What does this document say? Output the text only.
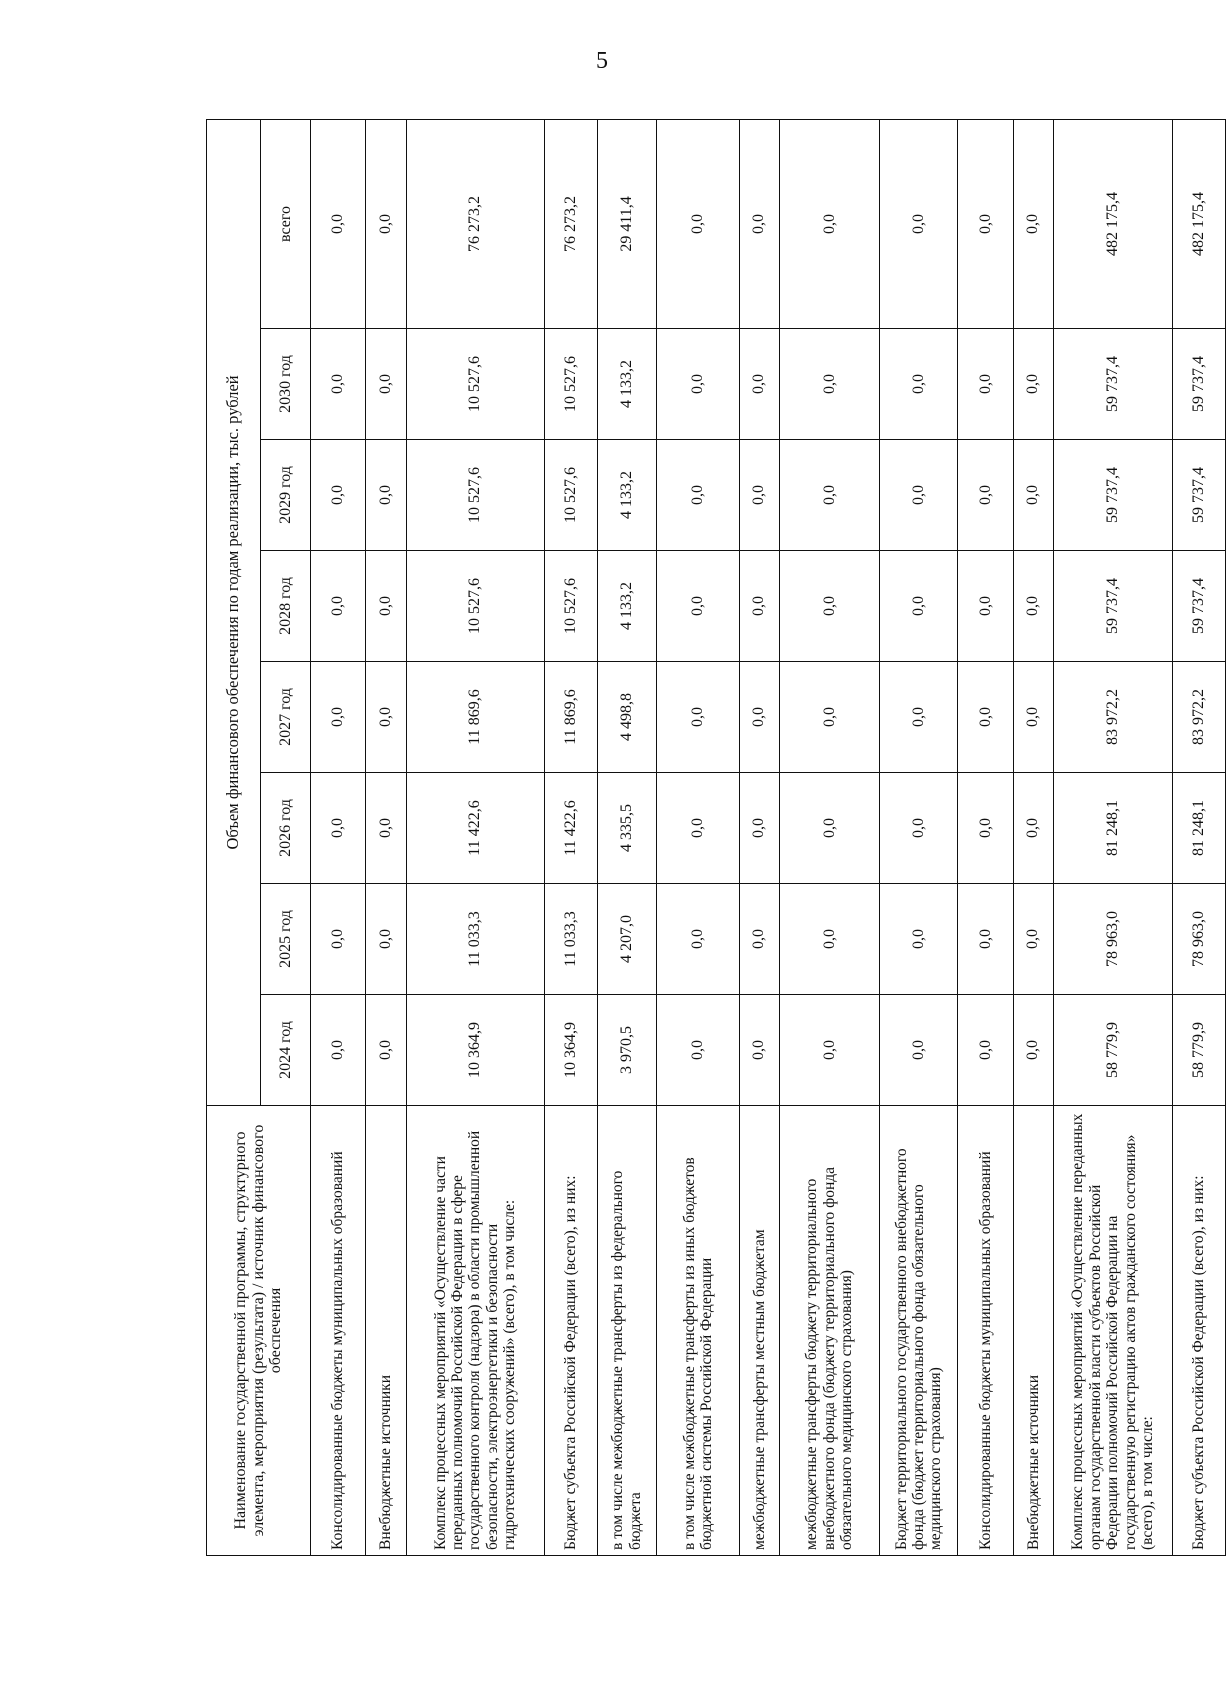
5
Наименование государственной программы, структурного элемента, мероприятия (результата) / источник финансового обеспечения	Объем финансового обеспечения по годам реализации, тыс. рублей							
	2024 год	2025 год	2026 год	2027 год	2028 год	2029 год	2030 год	всего
Консолидированные бюджеты муниципальных образований	0,0	0,0	0,0	0,0	0,0	0,0	0,0	0,0
Внебюджетные источники	0,0	0,0	0,0	0,0	0,0	0,0	0,0	0,0
Комплекс процессных мероприятий «Осуществление части переданных полномочий Российской Федерации в сфере государственного контроля (надзора) в области промышленной безопасности, электроэнергетики и безопасности гидротехнических сооружений» (всего), в том числе:	10 364,9	11 033,3	11 422,6	11 869,6	10 527,6	10 527,6	10 527,6	76 273,2
Бюджет субъекта Российской Федерации (всего), из них:	10 364,9	11 033,3	11 422,6	11 869,6	10 527,6	10 527,6	10 527,6	76 273,2
в том числе межбюджетные трансферты из федерального бюджета	3 970,5	4 207,0	4 335,5	4 498,8	4 133,2	4 133,2	4 133,2	29 411,4
в том числе межбюджетные трансферты из иных бюджетов бюджетной системы Российской Федерации	0,0	0,0	0,0	0,0	0,0	0,0	0,0	0,0
межбюджетные трансферты местным бюджетам	0,0	0,0	0,0	0,0	0,0	0,0	0,0	0,0
межбюджетные трансферты бюджету территориального внебюджетного фонда (бюджету территориального фонда обязательного медицинского страхования)	0,0	0,0	0,0	0,0	0,0	0,0	0,0	0,0
Бюджет территориального государственного внебюджетного фонда (бюджет территориального фонда обязательного медицинского страхования)	0,0	0,0	0,0	0,0	0,0	0,0	0,0	0,0
Консолидированные бюджеты муниципальных образований	0,0	0,0	0,0	0,0	0,0	0,0	0,0	0,0
Внебюджетные источники	0,0	0,0	0,0	0,0	0,0	0,0	0,0	0,0
Комплекс процессных мероприятий «Осуществление переданных органам государственной власти субъектов Российской Федерации полномочий Российской Федерации на государственную регистрацию актов гражданского состояния» (всего), в том числе:	58 779,9	78 963,0	81 248,1	83 972,2	59 737,4	59 737,4	59 737,4	482 175,4
Бюджет субъекта Российской Федерации (всего), из них:	58 779,9	78 963,0	81 248,1	83 972,2	59 737,4	59 737,4	59 737,4	482 175,4
